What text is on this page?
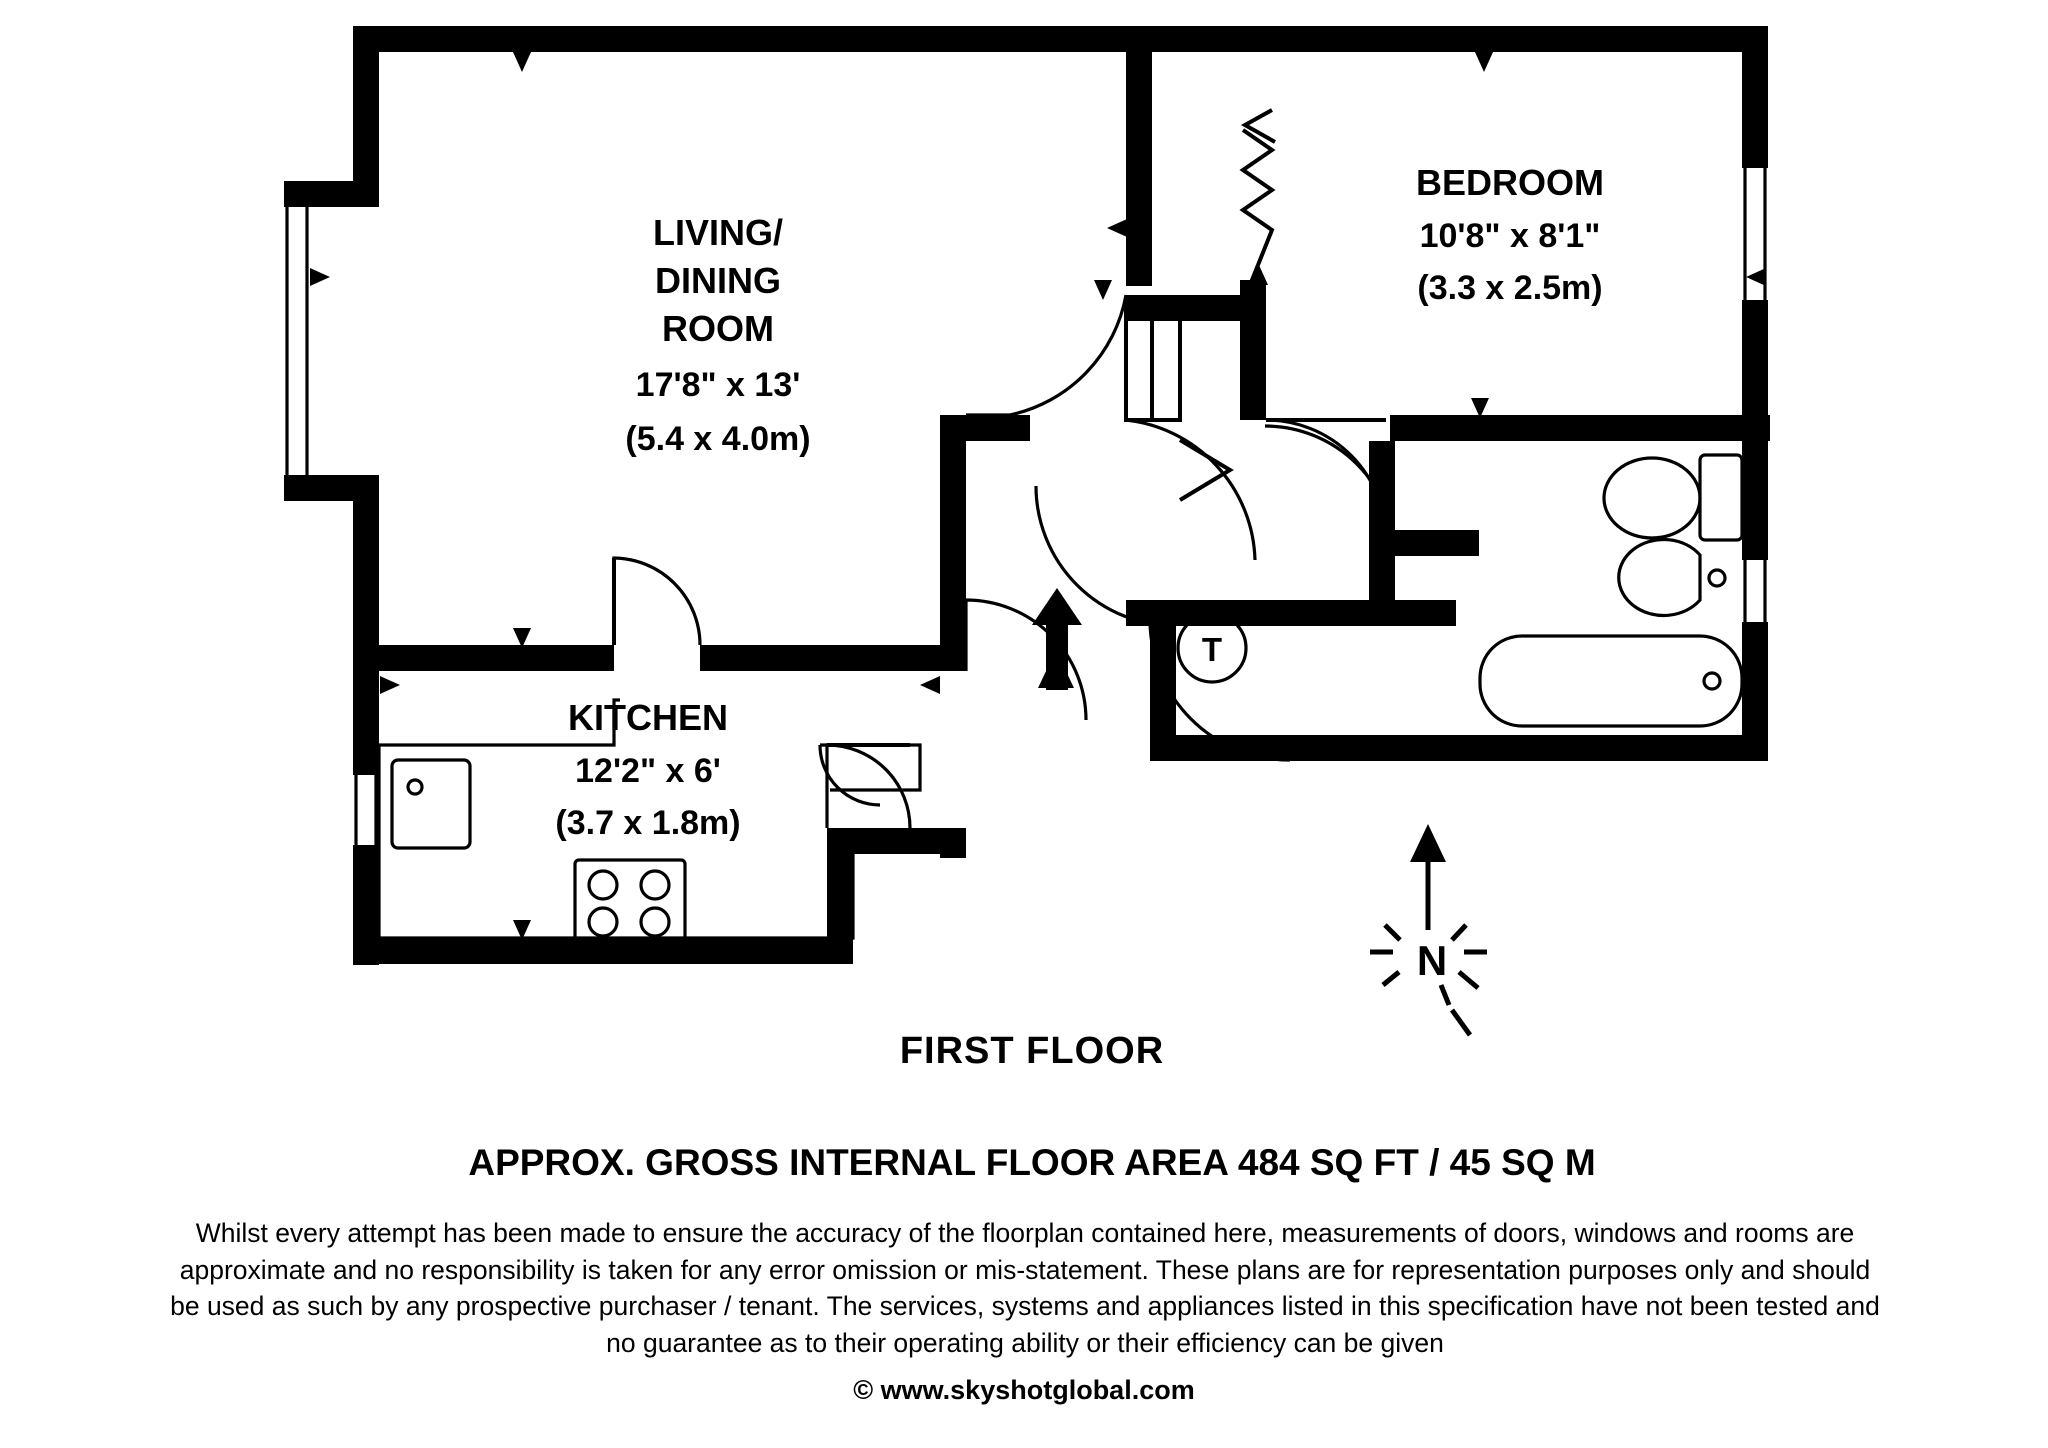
T
LIVING/
DINING
ROOM
17'8" x 13'
(5.4 x 4.0m)
BEDROOM
10'8" x 8'1"
(3.3 x 2.5m)
KITCHEN
12'2" x 6'
(3.7 x 1.8m)
N
FIRST FLOOR
APPROX. GROSS INTERNAL FLOOR AREA 484 SQ FT / 45 SQ M
Whilst every attempt has been made to ensure the accuracy of the floorplan contained here, measurements of doors, windows and rooms are approximate and no responsibility is taken for any error omission or mis-statement. These plans are for representation purposes only and should be used as such by any prospective purchaser / tenant. The services, systems and appliances listed in this specification have not been tested and no guarantee as to their operating ability or their efficiency can be given
© www.skyshotglobal.com
